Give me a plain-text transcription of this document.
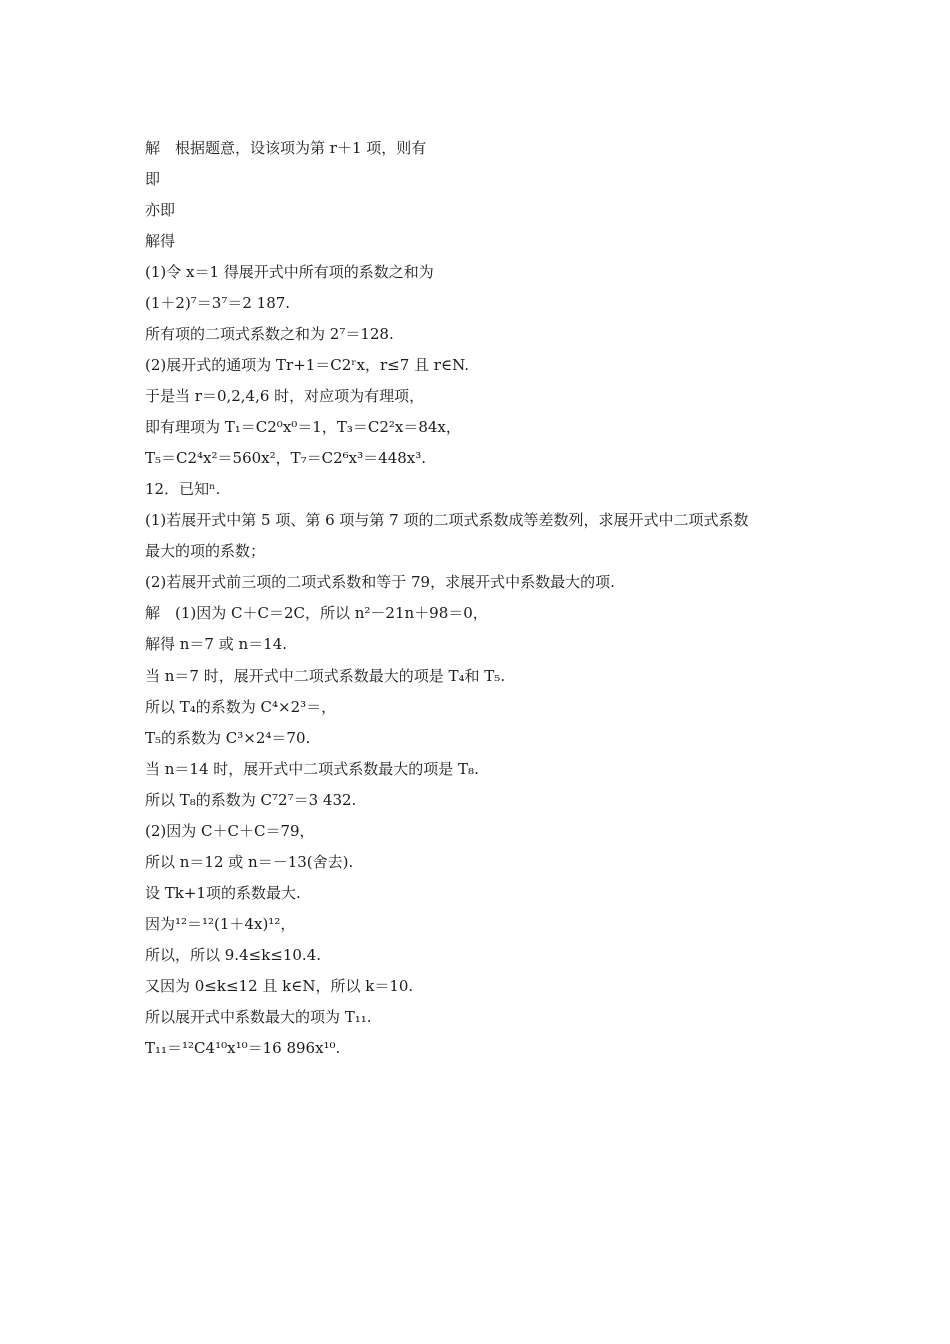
解　根据题意，设该项为第 r＋1 项，则有
即
亦即
解得
(1)令 x＝1 得展开式中所有项的系数之和为
(1＋2)⁷＝3⁷＝2 187.
所有项的二项式系数之和为 2⁷＝128.
(2)展开式的通项为 Tr+1＝C2ʳx，r≤7 且 r∈N.
于是当 r＝0,2,4,6 时，对应项为有理项，
即有理项为 T₁＝C2⁰x⁰＝1，T₃＝C2²x＝84x，
T₅＝C2⁴x²＝560x²，T₇＝C2⁶x³＝448x³.
12．已知ⁿ.
(1)若展开式中第 5 项、第 6 项与第 7 项的二项式系数成等差数列，求展开式中二项式系数
最大的项的系数；
(2)若展开式前三项的二项式系数和等于 79，求展开式中系数最大的项.
解　(1)因为 C＋C＝2C，所以 n²－21n＋98＝0，
解得 n＝7 或 n＝14.
当 n＝7 时，展开式中二项式系数最大的项是 T₄和 T₅.
所以 T₄的系数为 C⁴×2³＝，
T₅的系数为 C³×2⁴＝70.
当 n＝14 时，展开式中二项式系数最大的项是 T₈.
所以 T₈的系数为 C⁷2⁷＝3 432.
(2)因为 C＋C＋C＝79，
所以 n＝12 或 n＝－13(舍去).
设 Tk+1项的系数最大.
因为¹²＝¹²(1＋4x)¹²，
所以，所以 9.4≤k≤10.4.
又因为 0≤k≤12 且 k∈N，所以 k＝10.
所以展开式中系数最大的项为 T₁₁.
T₁₁＝¹²C4¹⁰x¹⁰＝16 896x¹⁰.
